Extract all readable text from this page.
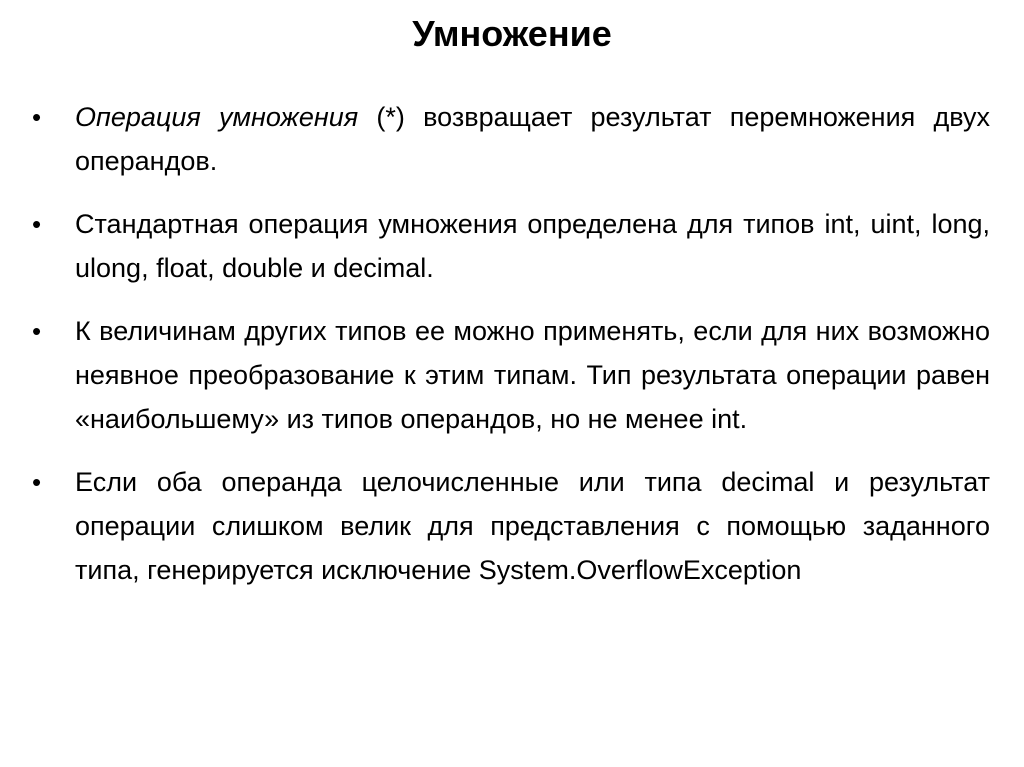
Умножение
• Операция умножения (*) возвращает результат перемножения двух операндов.
• Стандартная операция умножения определена для типов int, uint, long, ulong, float, double и decimal.
• К величинам других типов ее можно применять, если для них возможно неявное преобразование к этим типам. Тип результата операции равен «наибольшему» из типов операндов, но не менее int.
• Если оба операнда целочисленные или типа decimal и результат операции слишком велик для представления с помощью заданного типа, генерируется исключение System.OverflowException
